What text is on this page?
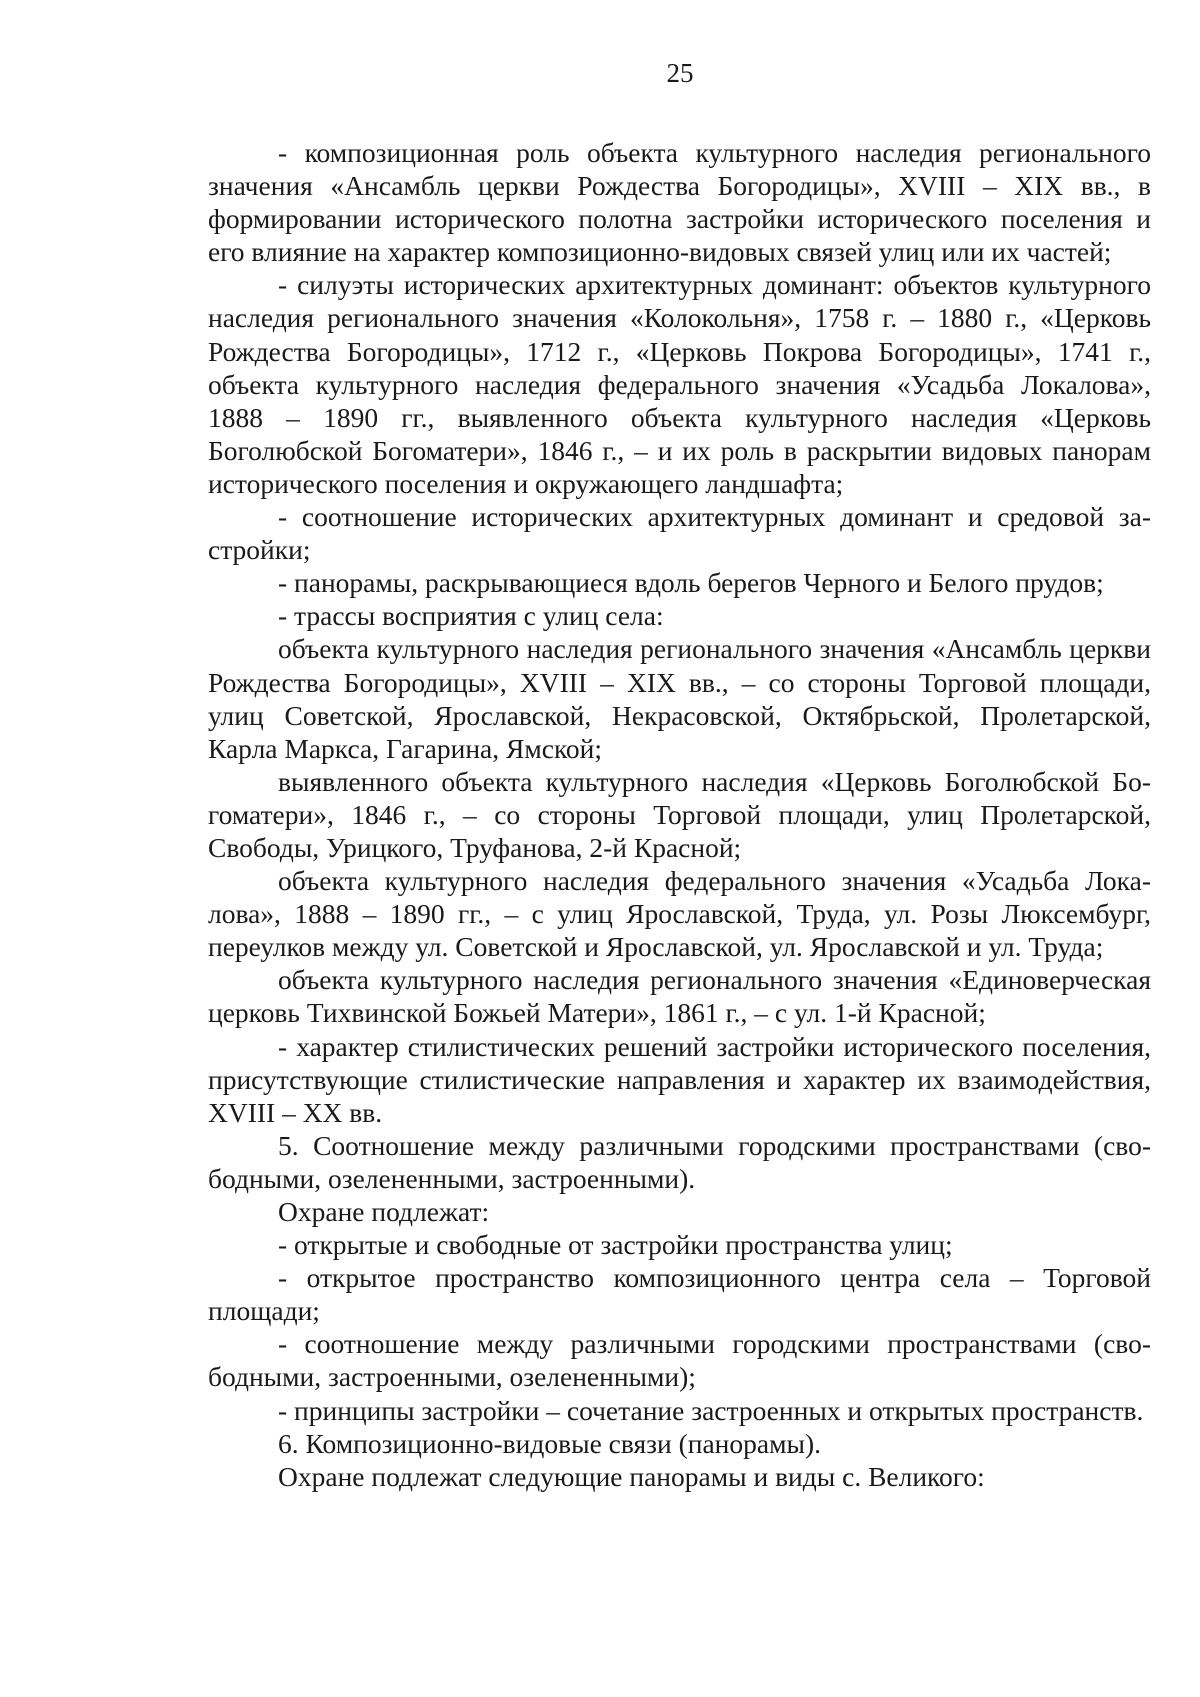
25

- композиционная роль объекта культурного наследия регионального значения «Ансамбль церкви Рождества Богородицы», XVIII – XIX вв., в формировании исторического полотна застройки исторического поселения и его влияние на характер композиционно-видовых связей улиц или их частей;

- силуэты исторических архитектурных доминант: объектов культурного наследия регионального значения «Колокольня», 1758 г. – 1880 г., «Церковь Рождества Богородицы», 1712 г., «Церковь Покрова Богородицы», 1741 г., объекта культурного наследия федерального значения «Усадьба Локалова», 1888 – 1890 гг., выявленного объекта культурного наследия «Церковь Боголюбской Богоматери», 1846 г., – и их роль в раскрытии видовых панорам исторического поселения и окружающего ландшафта;

- соотношение исторических архитектурных доминант и средовой застройки;

- панорамы, раскрывающиеся вдоль берегов Черного и Белого прудов;

- трассы восприятия с улиц села:

объекта культурного наследия регионального значения «Ансамбль церкви Рождества Богородицы», XVIII – XIX вв., – со стороны Торговой площади, улиц Советской, Ярославской, Некрасовской, Октябрьской, Пролетарской, Карла Маркса, Гагарина, Ямской;

выявленного объекта культурного наследия «Церковь Боголюбской Богоматери», 1846 г., – со стороны Торговой площади, улиц Пролетарской, Свободы, Урицкого, Труфанова, 2-й Красной;

объекта культурного наследия федерального значения «Усадьба Локалова», 1888 – 1890 гг., – с улиц Ярославской, Труда, ул. Розы Люксембург, переулков между ул. Советской и Ярославской, ул. Ярославской и ул. Труда;

объекта культурного наследия регионального значения «Единоверческая церковь Тихвинской Божьей Матери», 1861 г., – с ул. 1-й Красной;

- характер стилистических решений застройки исторического поселения, присутствующие стилистические направления и характер их взаимодействия, XVIII – XX вв.

5. Соотношение между различными городскими пространствами (свободными, озелененными, застроенными).

Охране подлежат:

- открытые и свободные от застройки пространства улиц;

- открытое пространство композиционного центра села – Торговой площади;

- соотношение между различными городскими пространствами (свободными, застроенными, озелененными);

- принципы застройки – сочетание застроенных и открытых пространств.

6. Композиционно-видовые связи (панорамы).

Охране подлежат следующие панорамы и виды с. Великого:
